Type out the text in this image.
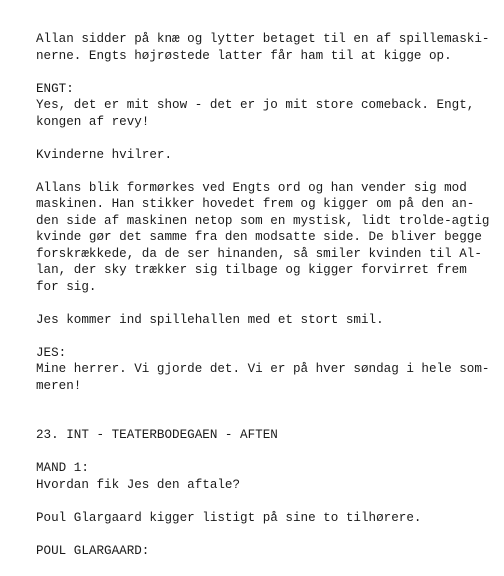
Allan sidder på knæ og lytter betaget til en af spillemaski-
nerne. Engts højrøstede latter får ham til at kigge op.
ENGT:
Yes, det er mit show - det er jo mit store comeback. Engt,
kongen af revy!
Kvinderne hvilrer.
Allans blik formørkes ved Engts ord og han vender sig mod
maskinen. Han stikker hovedet frem og kigger om på den an-
den side af maskinen netop som en mystisk, lidt trolde-agtig
kvinde gør det samme fra den modsatte side. De bliver begge
forskrækkede, da de ser hinanden, så smiler kvinden til Al-
lan, der sky trækker sig tilbage og kigger forvirret frem
for sig.
Jes kommer ind spillehallen med et stort smil.
JES:
Mine herrer. Vi gjorde det. Vi er på hver søndag i hele som-
meren!
23. INT - TEATERBODEGAEN - AFTEN
MAND 1:
Hvordan fik Jes den aftale?
Poul Glargaard kigger listigt på sine to tilhørere.
POUL GLARGAARD:
